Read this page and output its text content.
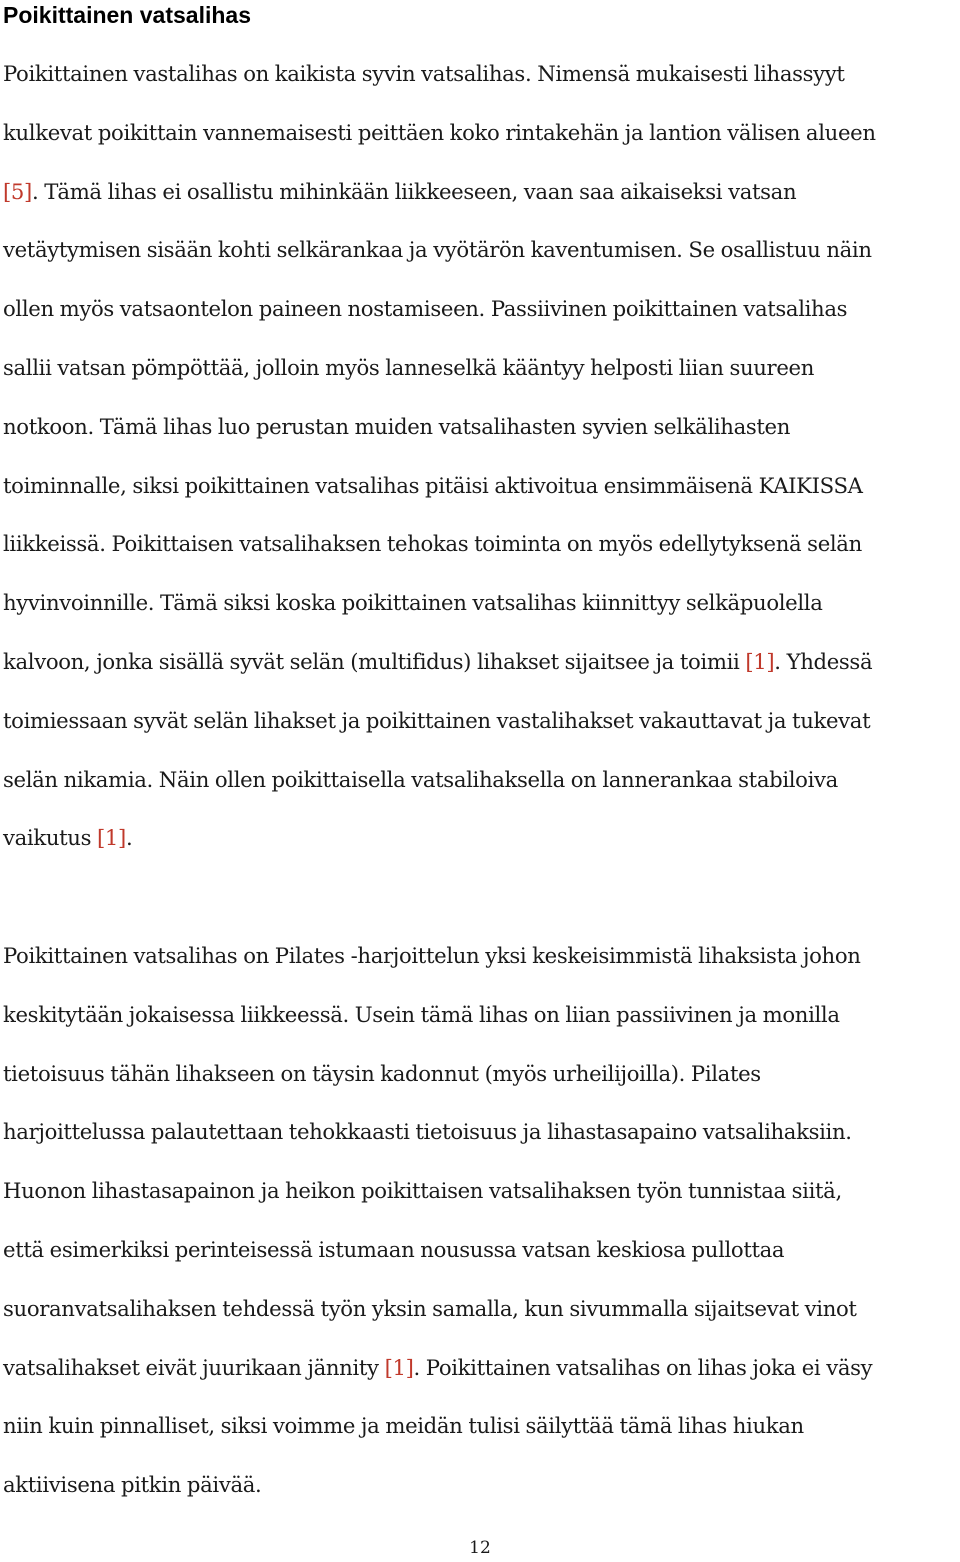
Poikittainen vatsalihas

Poikittainen vastalihas on kaikista syvin vatsalihas. Nimensä mukaisesti lihassyyt
kulkevat poikittain vannemaisesti peittäen koko rintakehän ja lantion välisen alueen
[5]. Tämä lihas ei osallistu mihinkään liikkeeseen, vaan saa aikaiseksi vatsan
vetäytymisen sisään kohti selkärankaa ja vyötärön kaventumisen. Se osallistuu näin
ollen myös vatsaontelon paineen nostamiseen. Passiivinen poikittainen vatsalihas
sallii vatsan pömpöttää, jolloin myös lanneselkä kääntyy helposti liian suureen
notkoon. Tämä lihas luo perustan muiden vatsalihasten syvien selkälihasten
toiminnalle, siksi poikittainen vatsalihas pitäisi aktivoitua ensimmäisenä KAIKISSA
liikkeissä. Poikittaisen vatsalihaksen tehokas toiminta on myös edellytyksenä selän
hyvinvoinnille. Tämä siksi koska poikittainen vatsalihas kiinnittyy selkäpuolella
kalvoon, jonka sisällä syvät selän (multifidus) lihakset sijaitsee ja toimii [1]. Yhdessä
toimiessaan syvät selän lihakset ja poikittainen vastalihakset vakauttavat ja tukevat
selän nikamia. Näin ollen poikittaisella vatsalihaksella on lannerankaa stabiloiva
vaikutus [1].

Poikittainen vatsalihas on Pilates -harjoittelun yksi keskeisimmistä lihaksista johon
keskitytään jokaisessa liikkeessä. Usein tämä lihas on liian passiivinen ja monilla
tietoisuus tähän lihakseen on täysin kadonnut (myös urheilijoilla). Pilates
harjoittelussa palautettaan tehokkaasti tietoisuus ja lihastasapaino vatsalihaksiin.
Huonon lihastasapainon ja heikon poikittaisen vatsalihaksen työn tunnistaa siitä,
että esimerkiksi perinteisessä istumaan nousussa vatsan keskiosa pullottaa
suoranvatsalihaksen tehdessä työn yksin samalla, kun sivummalla sijaitsevat vinot
vatsalihakset eivät juurikaan jännity [1]. Poikittainen vatsalihas on lihas joka ei väsy
niin kuin pinnalliset, siksi voimme ja meidän tulisi säilyttää tämä lihas hiukan
aktiivisena pitkin päivää.

12
